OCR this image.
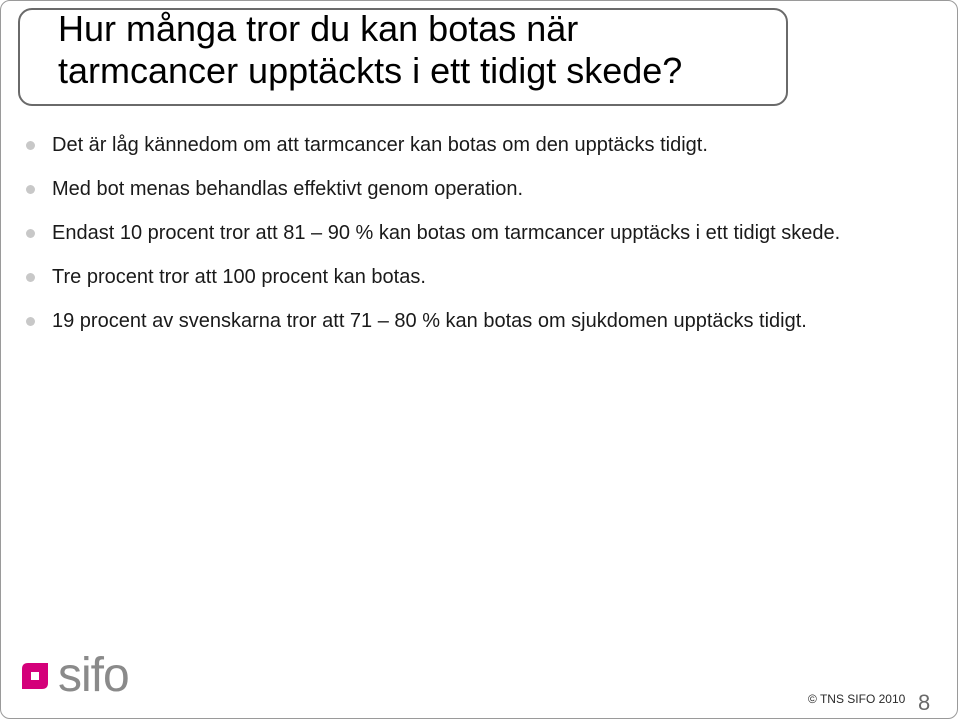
Hur många tror du kan botas när tarmcancer upptäckts i ett tidigt skede?
Det är låg kännedom om att tarmcancer kan botas om den upptäcks tidigt.
Med bot menas behandlas effektivt genom operation.
Endast 10 procent tror att 81 – 90 % kan botas om tarmcancer upptäcks i ett tidigt skede.
Tre procent tror att 100 procent kan botas.
19 procent av svenskarna tror att 71 – 80 % kan botas om sjukdomen upptäcks tidigt.
sifo	© TNS SIFO 2010 8
